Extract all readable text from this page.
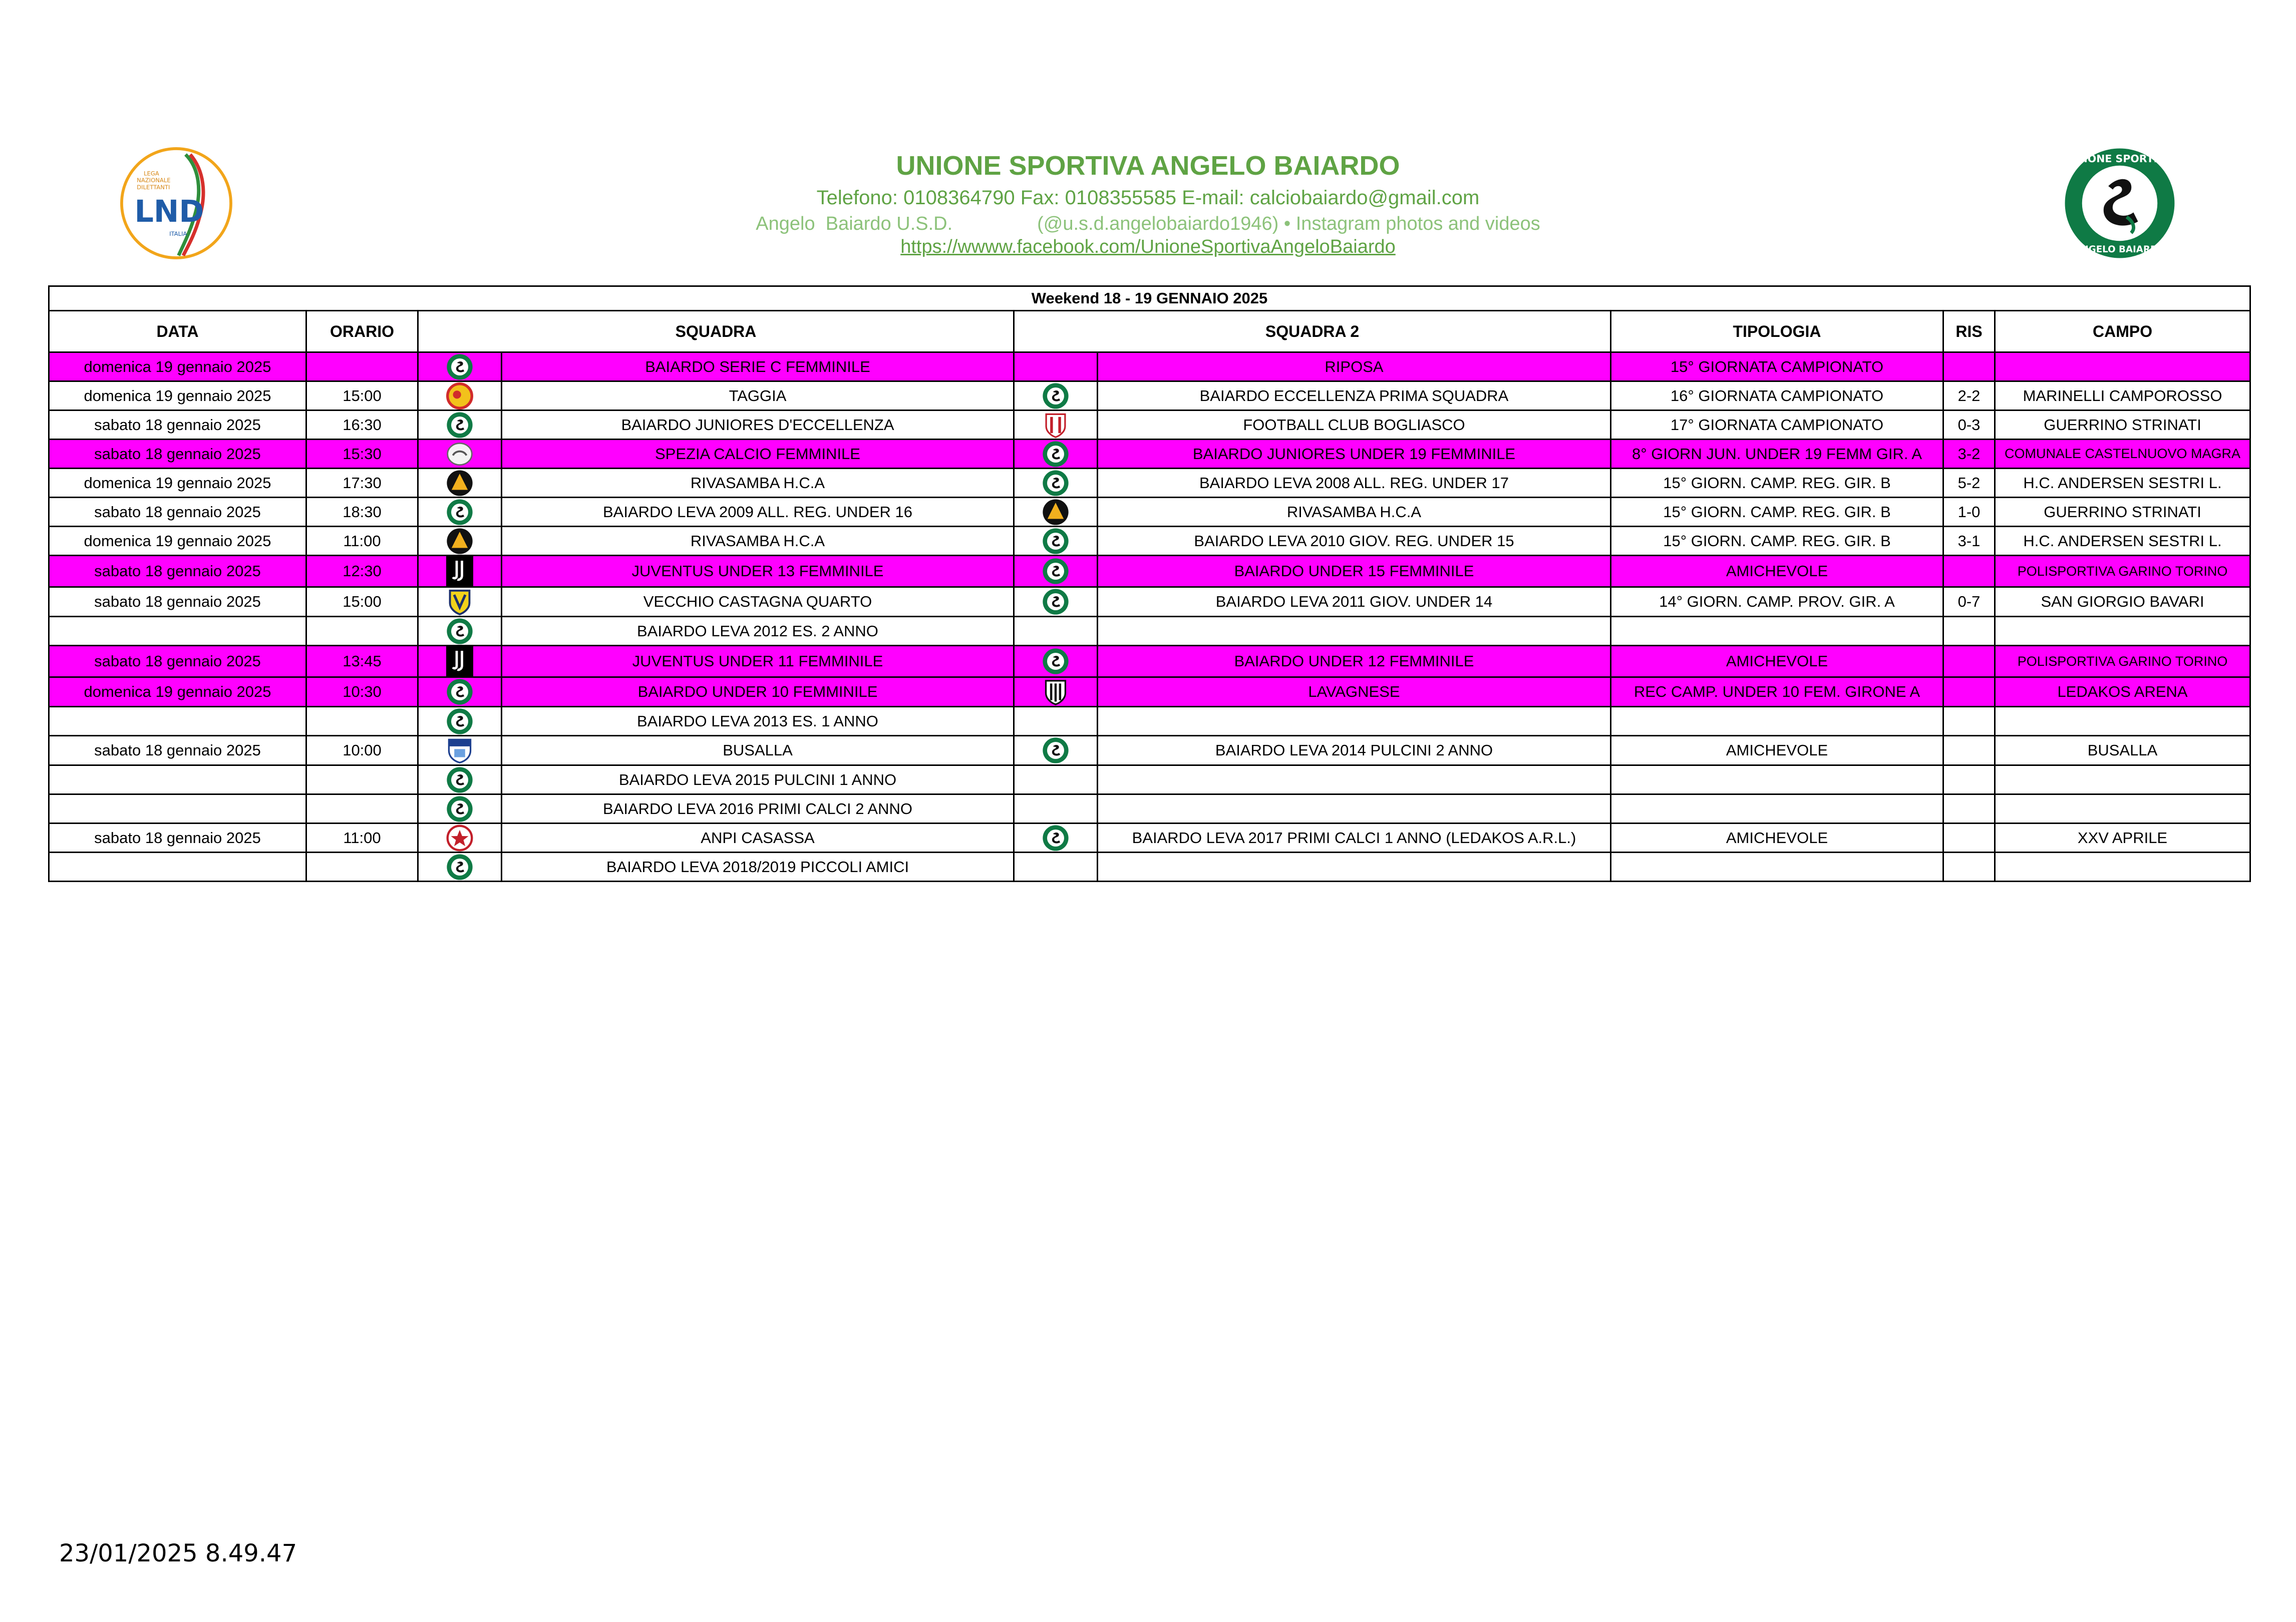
LEGA
NAZIONALE
DILETTANTI
LND
ITALIA
UNIONE SPORTIVA ANGELO BAIARDO
Telefono: 0108364790 Fax: 0108355585 E-mail: calciobaiardo@gmail.com
Angelo  Baiardo U.S.D.	(@u.s.d.angelobaiardo1946) • Instagram photos and videos
https://wwww.facebook.com/UnioneSportivaAngeloBaiardo
UNIONE SPORTIVA
ANGELO BAIARDO
Weekend 18 - 19 GENNAIO 2025								
DATA	ORARIO	SQUADRA		SQUADRA 2		TIPOLOGIA	RIS	CAMPO
domenica 19 gennaio 2025			BAIARDO SERIE C FEMMINILE		RIPOSA	15° GIORNATA CAMPIONATO		
domenica 19 gennaio 2025	15:00		TAGGIA		BAIARDO ECCELLENZA PRIMA SQUADRA	16° GIORNATA CAMPIONATO	2-2	MARINELLI CAMPOROSSO
sabato 18 gennaio 2025	16:30		BAIARDO JUNIORES D'ECCELLENZA		FOOTBALL CLUB BOGLIASCO	17° GIORNATA CAMPIONATO	0-3	GUERRINO STRINATI
sabato 18 gennaio 2025	15:30		SPEZIA CALCIO FEMMINILE		BAIARDO JUNIORES UNDER 19 FEMMINILE	8° GIORN JUN. UNDER 19 FEMM GIR. A	3-2	COMUNALE CASTELNUOVO MAGRA
domenica 19 gennaio 2025	17:30		RIVASAMBA H.C.A		BAIARDO LEVA 2008 ALL. REG. UNDER 17	15° GIORN. CAMP. REG. GIR. B	5-2	H.C. ANDERSEN SESTRI L.
sabato 18 gennaio 2025	18:30		BAIARDO LEVA 2009 ALL. REG. UNDER 16		RIVASAMBA H.C.A	15° GIORN. CAMP. REG. GIR. B	1-0	GUERRINO STRINATI
domenica 19 gennaio 2025	11:00		RIVASAMBA H.C.A		BAIARDO LEVA 2010 GIOV. REG. UNDER 15	15° GIORN. CAMP. REG. GIR. B	3-1	H.C. ANDERSEN SESTRI L.
sabato 18 gennaio 2025	12:30		JUVENTUS UNDER 13 FEMMINILE		BAIARDO UNDER 15 FEMMINILE	AMICHEVOLE		POLISPORTIVA GARINO TORINO
sabato 18 gennaio 2025	15:00		VECCHIO CASTAGNA QUARTO		BAIARDO LEVA 2011 GIOV. UNDER 14	14° GIORN. CAMP. PROV. GIR. A	0-7	SAN GIORGIO BAVARI
			BAIARDO LEVA 2012 ES. 2 ANNO					
sabato 18 gennaio 2025	13:45		JUVENTUS UNDER 11 FEMMINILE		BAIARDO UNDER 12 FEMMINILE	AMICHEVOLE		POLISPORTIVA GARINO TORINO
domenica 19 gennaio 2025	10:30		BAIARDO UNDER 10 FEMMINILE		LAVAGNESE	REC CAMP. UNDER 10 FEM. GIRONE A		LEDAKOS ARENA
			BAIARDO LEVA 2013 ES. 1 ANNO					
sabato 18 gennaio 2025	10:00		BUSALLA		BAIARDO LEVA 2014 PULCINI 2 ANNO	AMICHEVOLE		BUSALLA
			BAIARDO LEVA 2015 PULCINI 1 ANNO					
			BAIARDO LEVA 2016 PRIMI CALCI 2 ANNO					
sabato 18 gennaio 2025	11:00		ANPI CASASSA		BAIARDO LEVA 2017 PRIMI CALCI 1 ANNO (LEDAKOS A.R.L.)	AMICHEVOLE		XXV APRILE
			BAIARDO LEVA 2018/2019 PICCOLI AMICI					
23/01/2025 8.49.47
